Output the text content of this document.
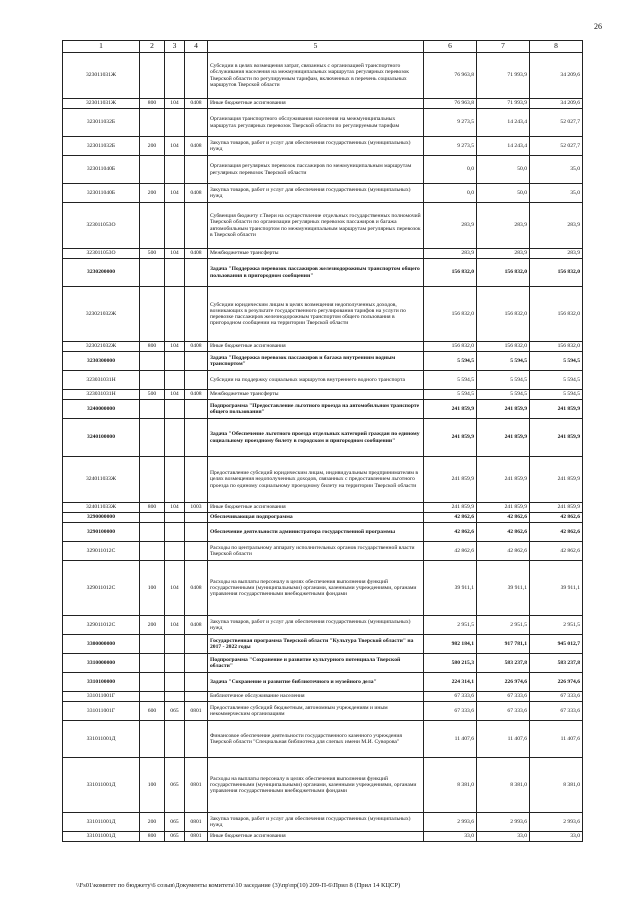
26
1	2	3	4	5	6	7	8
323011031Ж				Субсидии в целях возмещения затрат, связанных с организацией транспортного обслуживания населения на межмуниципальных маршрутах регулярных перевозок Тверской области по регулируемым тарифам, включенных в перечень социальных маршрутов Тверской области	76 963,8	71 993,9	34 209,6
323011031Ж	800	104	0408	Иные бюджетные ассигнования	76 963,8	71 993,9	34 209,6
323011032Б				Организация транспортного обслуживания населения на межмуниципальных маршрутах регулярных перевозок Тверской области по регулируемым тарифам	9 273,5	14 243,4	52 027,7
323011032Б	200	104	0408	Закупка товаров, работ и услуг для обеспечения государственных (муниципальных) нужд	9 273,5	14 243,4	52 027,7
323011040Б				Организация регулярных перевозок пассажиров по межмуниципальным маршрутам регулярных перевозок Тверской области	0,0	50,0	35,0
323011040Б	200	104	0408	Закупка товаров, работ и услуг для обеспечения государственных (муниципальных) нужд	0,0	50,0	35,0
323011053О				Субвенция бюджету г.Твери на осуществление отдельных государственных полномочий Тверской области по организации регулярных перевозок пассажиров и багажа автомобильным транспортом по межмуниципальным маршрутам регулярных перевозок в Тверской области	283,9	283,9	283,9
323011053О	500	104	0408	Межбюджетные трансферты	283,9	283,9	283,9
3230200000				Задача "Поддержка перевозок пассажиров железнодорожным транспортом общего пользования в пригородном сообщении"	156 832,0	156 832,0	156 832,0
323021032Ж				Субсидии юридическим лицам в целях возмещения недополученных доходов, возникающих в результате государственного регулирования тарифов на услуги по перевозке пассажиров железнодорожным транспортом общего пользования в пригородном сообщении на территории Тверской области	156 832,0	156 832,0	156 832,0
323021032Ж	800	104	0408	Иные бюджетные ассигнования	156 832,0	156 832,0	156 832,0
3230300000				Задача "Поддержка перевозок пассажиров и багажа внутренним водным транспортом"	5 594,5	5 594,5	5 594,5
323031031Н				Субсидии на поддержку социальных маршрутов внутреннего водного транспорта	5 594,5	5 594,5	5 594,5
323031031Н	500	104	0408	Межбюджетные трансферты	5 594,5	5 594,5	5 594,5
3240000000				Подпрограмма "Предоставление льготного проезда на автомобильном транспорте общего пользования"	241 859,9	241 859,9	241 859,9
3240100000				Задача "Обеспечение льготного проезда отдельных категорий граждан по единому социальному проездному билету в городском и пригородном сообщении"	241 859,9	241 859,9	241 859,9
324011033Ж				Предоставление субсидий юридическим лицам, индивидуальным предпринимателям в целях возмещения недополученных доходов, связанных с предоставлением льготного проезда по единому социальному проездному билету на территории Тверской области	241 859,9	241 859,9	241 859,9
324011033Ж	800	104	1003	Иные бюджетные ассигнования	241 859,9	241 859,9	241 859,9
3290000000				Обеспечивающая подпрограмма	42 862,6	42 862,6	42 862,6
3290100000				Обеспечение деятельности администратора государственной программы	42 862,6	42 862,6	42 862,6
329011012С				Расходы по центральному аппарату исполнительных органов государственной власти Тверской области	42 862,6	42 862,6	42 862,6
329011012С	100	104	0408	Расходы на выплаты персоналу в целях обеспечения выполнения функций государственными (муниципальными) органами, казенными учреждениями, органами управления государственными внебюджетными фондами	39 911,1	39 911,1	39 911,1
329011012С	200	104	0408	Закупка товаров, работ и услуг для обеспечения государственных (муниципальных) нужд	2 951,5	2 951,5	2 951,5
3300000000				Государственная программа Тверской области "Культура Тверской области" на 2017 - 2022 годы	982 184,1	917 781,1	945 012,7
3310000000				Подпрограмма "Сохранение и развитие культурного потенциала Тверской области"	580 215,3	583 237,8	583 237,8
3310100000				Задача "Сохранение и развитие библиотечного и музейного дела"	224 314,1	226 974,6	226 974,6
331011001Г				Библиотечное обслуживание населения	67 333,6	67 333,6	67 333,6
331011001Г	600	065	0801	Предоставление субсидий бюджетным, автономным учреждениям и иным некоммерческим организациям	67 333,6	67 333,6	67 333,6
331011001Д				Финансовое обеспечение деятельности государственного казенного учреждения Тверской области "Специальная библиотека для слепых имени М.И. Суворова"	11 407,6	11 407,6	11 407,6
331011001Д	100	065	0801	Расходы на выплаты персоналу в целях обеспечения выполнения функций государственными (муниципальными) органами, казенными учреждениями, органами управления государственными внебюджетными фондами	8 381,0	8 381,0	8 381,0
331011001Д	200	065	0801	Закупка товаров, работ и услуг для обеспечения государственных (муниципальных) нужд	2 993,6	2 993,6	2 993,6
331011001Д	800	065	0801	Иные бюджетные ассигнования	33,0	33,0	33,0
\\Fs01\комитет по бюджету\6 созыв\Документы комитета\10 заседание (3)\пр\пр(10) 209-П-6\Прил 8 (Прил 14 КЦСР)
